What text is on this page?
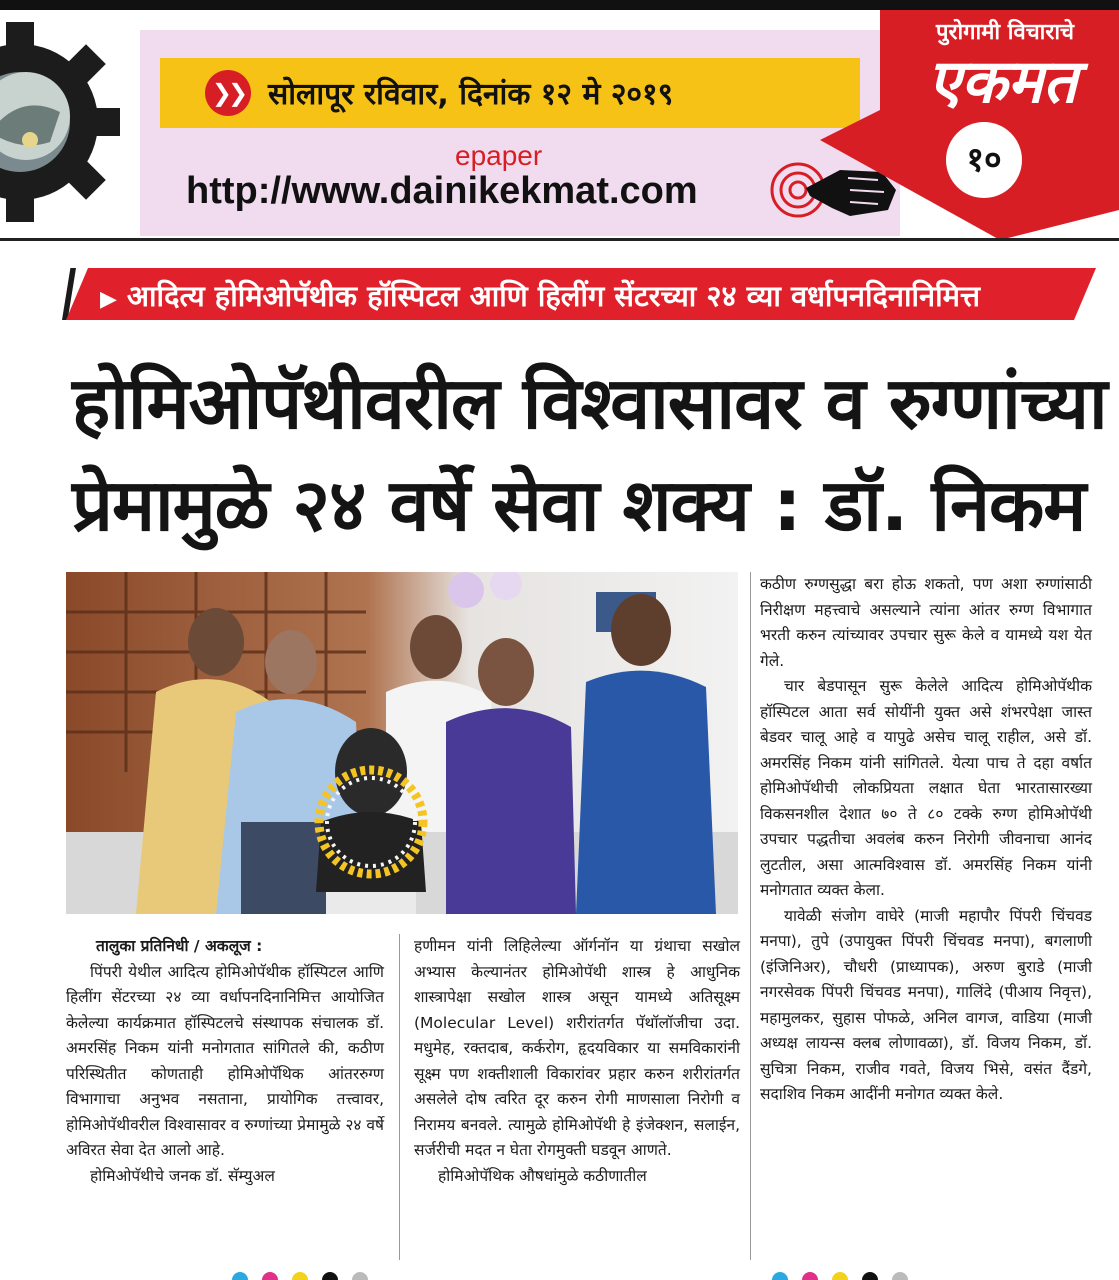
❯❯ सोलापूर रविवार, दिनांक १२ मे २०१९
epaper
http://www.dainikekmat.com
पुरोगामी विचाराचे
एकमत
१०
▶ आदित्य होमिओपॅथीक हॉस्पिटल आणि हिलींग सेंटरच्या २४ व्या वर्धापनदिनानिमित्त
होमिओपॅथीवरील विश्वासावर व रुग्णांच्या
प्रेमामुळे २४ वर्षे सेवा शक्य : डॉ. निकम

तालुका प्रतिनिधी / अकलूज :

पिंपरी येथील आदित्य होमिओपॅथीक हॉस्पिटल आणि हिलींग सेंटरच्या २४ व्या वर्धापनदिनानिमित्त आयोजित केलेल्या कार्यक्रमात हॉस्पिटलचे संस्थापक संचालक डॉ. अमरसिंह निकम यांनी मनोगतात सांगितले की, कठीण परिस्थितीत कोणताही होमिओपॅथिक आंतररुग्ण विभागाचा अनुभव नसताना, प्रायोगिक तत्त्वावर, होमिओपॅथीवरील विश्वासावर व रुग्णांच्या प्रेमामुळे २४ वर्षे अविरत सेवा देत आलो आहे.

होमिओपॅथीचे जनक डॉ. सॅम्युअल

हणीमन यांनी लिहिलेल्या ऑर्गनॉन या ग्रंथाचा सखोल अभ्यास केल्यानंतर होमिओपॅथी शास्त्र हे आधुनिक शास्त्रापेक्षा सखोल शास्त्र असून यामध्ये अतिसूक्ष्म (Molecular Level) शरीरांतर्गत पॅथॉलॉजीचा उदा. मधुमेह, रक्तदाब, कर्करोग, हृदयविकार या समविकारांनी सूक्ष्म पण शक्तीशाली विकारांवर प्रहार करुन शरीरांतर्गत असलेले दोष त्वरित दूर करुन रोगी माणसाला निरोगी व निरामय बनवले. त्यामुळे होमिओपॅथी हे इंजेक्शन, सलाईन, सर्जरीची मदत न घेता रोगमुक्ती घडवून आणते.

होमिओपॅथिक औषधांमुळे कठीणातील

कठीण रुग्णसुद्धा बरा होऊ शकतो, पण अशा रुग्णांसाठी निरीक्षण महत्त्वाचे असल्याने त्यांना आंतर रुग्ण विभागात भरती करुन त्यांच्यावर उपचार सुरू केले व यामध्ये यश येत गेले.

चार बेडपासून सुरू केलेले आदित्य होमिओपॅथीक हॉस्पिटल आता सर्व सोयींनी युक्त असे शंभरपेक्षा जास्त बेडवर चालू आहे व यापुढे असेच चालू राहील, असे डॉ. अमरसिंह निकम यांनी सांगितले. येत्या पाच ते दहा वर्षात होमिओपॅथीची लोकप्रियता लक्षात घेता भारतासारख्या विकसनशील देशात ७० ते ८० टक्के रुग्ण होमिओपॅथी उपचार पद्धतीचा अवलंब करुन निरोगी जीवनाचा आनंद लुटतील, असा आत्मविश्वास डॉ. अमरसिंह निकम यांनी मनोगतात व्यक्त केला.

यावेळी संजोग वाघेरे (माजी महापौर पिंपरी चिंचवड मनपा), तुपे (उपायुक्त पिंपरी चिंचवड मनपा), बगलाणी (इंजिनिअर), चौधरी (प्राध्यापक), अरुण बुराडे (माजी नगरसेवक पिंपरी चिंचवड मनपा), गालिंदे (पीआय निवृत्त), महामुलकर, सुहास पोफळे, अनिल वागज, वाडिया (माजी अध्यक्ष लायन्स क्लब लोणावळा), डॉ. विजय निकम, डॉ. सुचित्रा निकम, राजीव गवते, विजय भिसे, वसंत दैंडगे, सदाशिव निकम आदींनी मनोगत व्यक्त केले.
